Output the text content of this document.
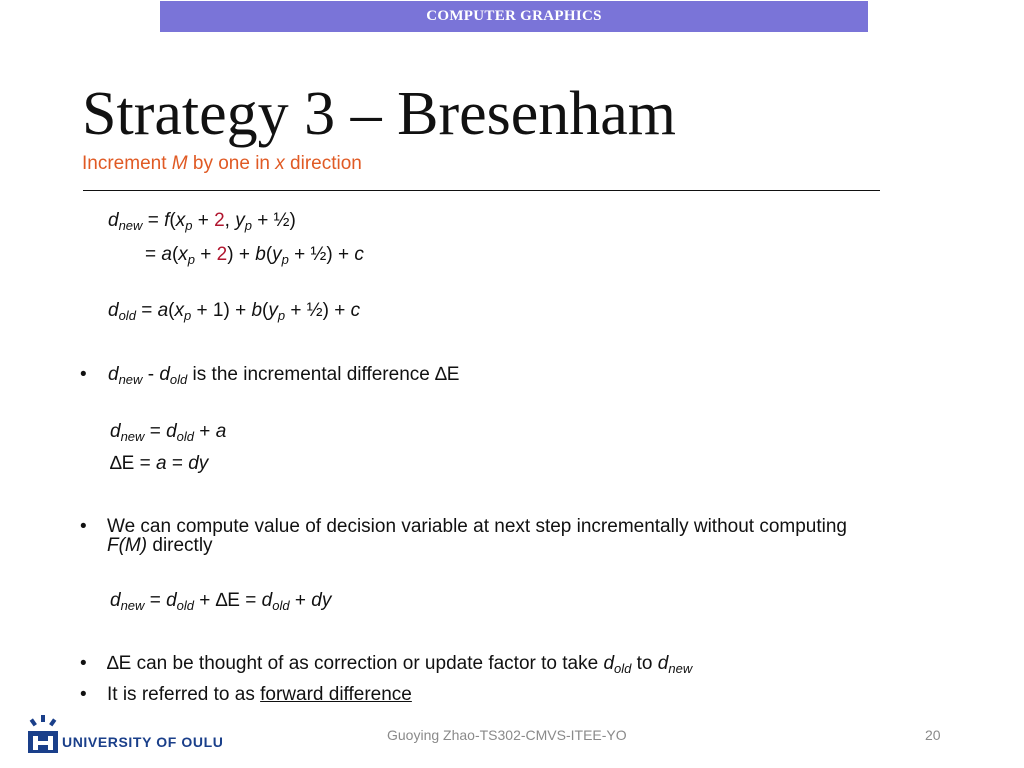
COMPUTER GRAPHICS
Strategy 3 – Bresenham
Increment M by one in x direction
$d_{new} = f(x_p + 2$, $y_p$ + ½)
= $a(x_p + 2) + b(y_p$ + ½) + c
$d_{old} = a(x_p + 1) + b(y_p$ + ½) + c
• $d_{new} - d_{old}$ is the incremental difference ∆E
$d_{new} = d_{old} + a$
∆E = a = dy
• We can compute value of decision variable at next step incrementally without computing
F(M) directly
$d_{new} = d_{old} + \Delta E = d_{old}$ + dy
• ∆E can be thought of as correction or update factor to take $d_{old}$ to $d_{new}$
• It is referred to as forward difference
UNIVERSITY OF OULU	Guoying Zhao-TS302-CMVS-ITEE-YO	20
